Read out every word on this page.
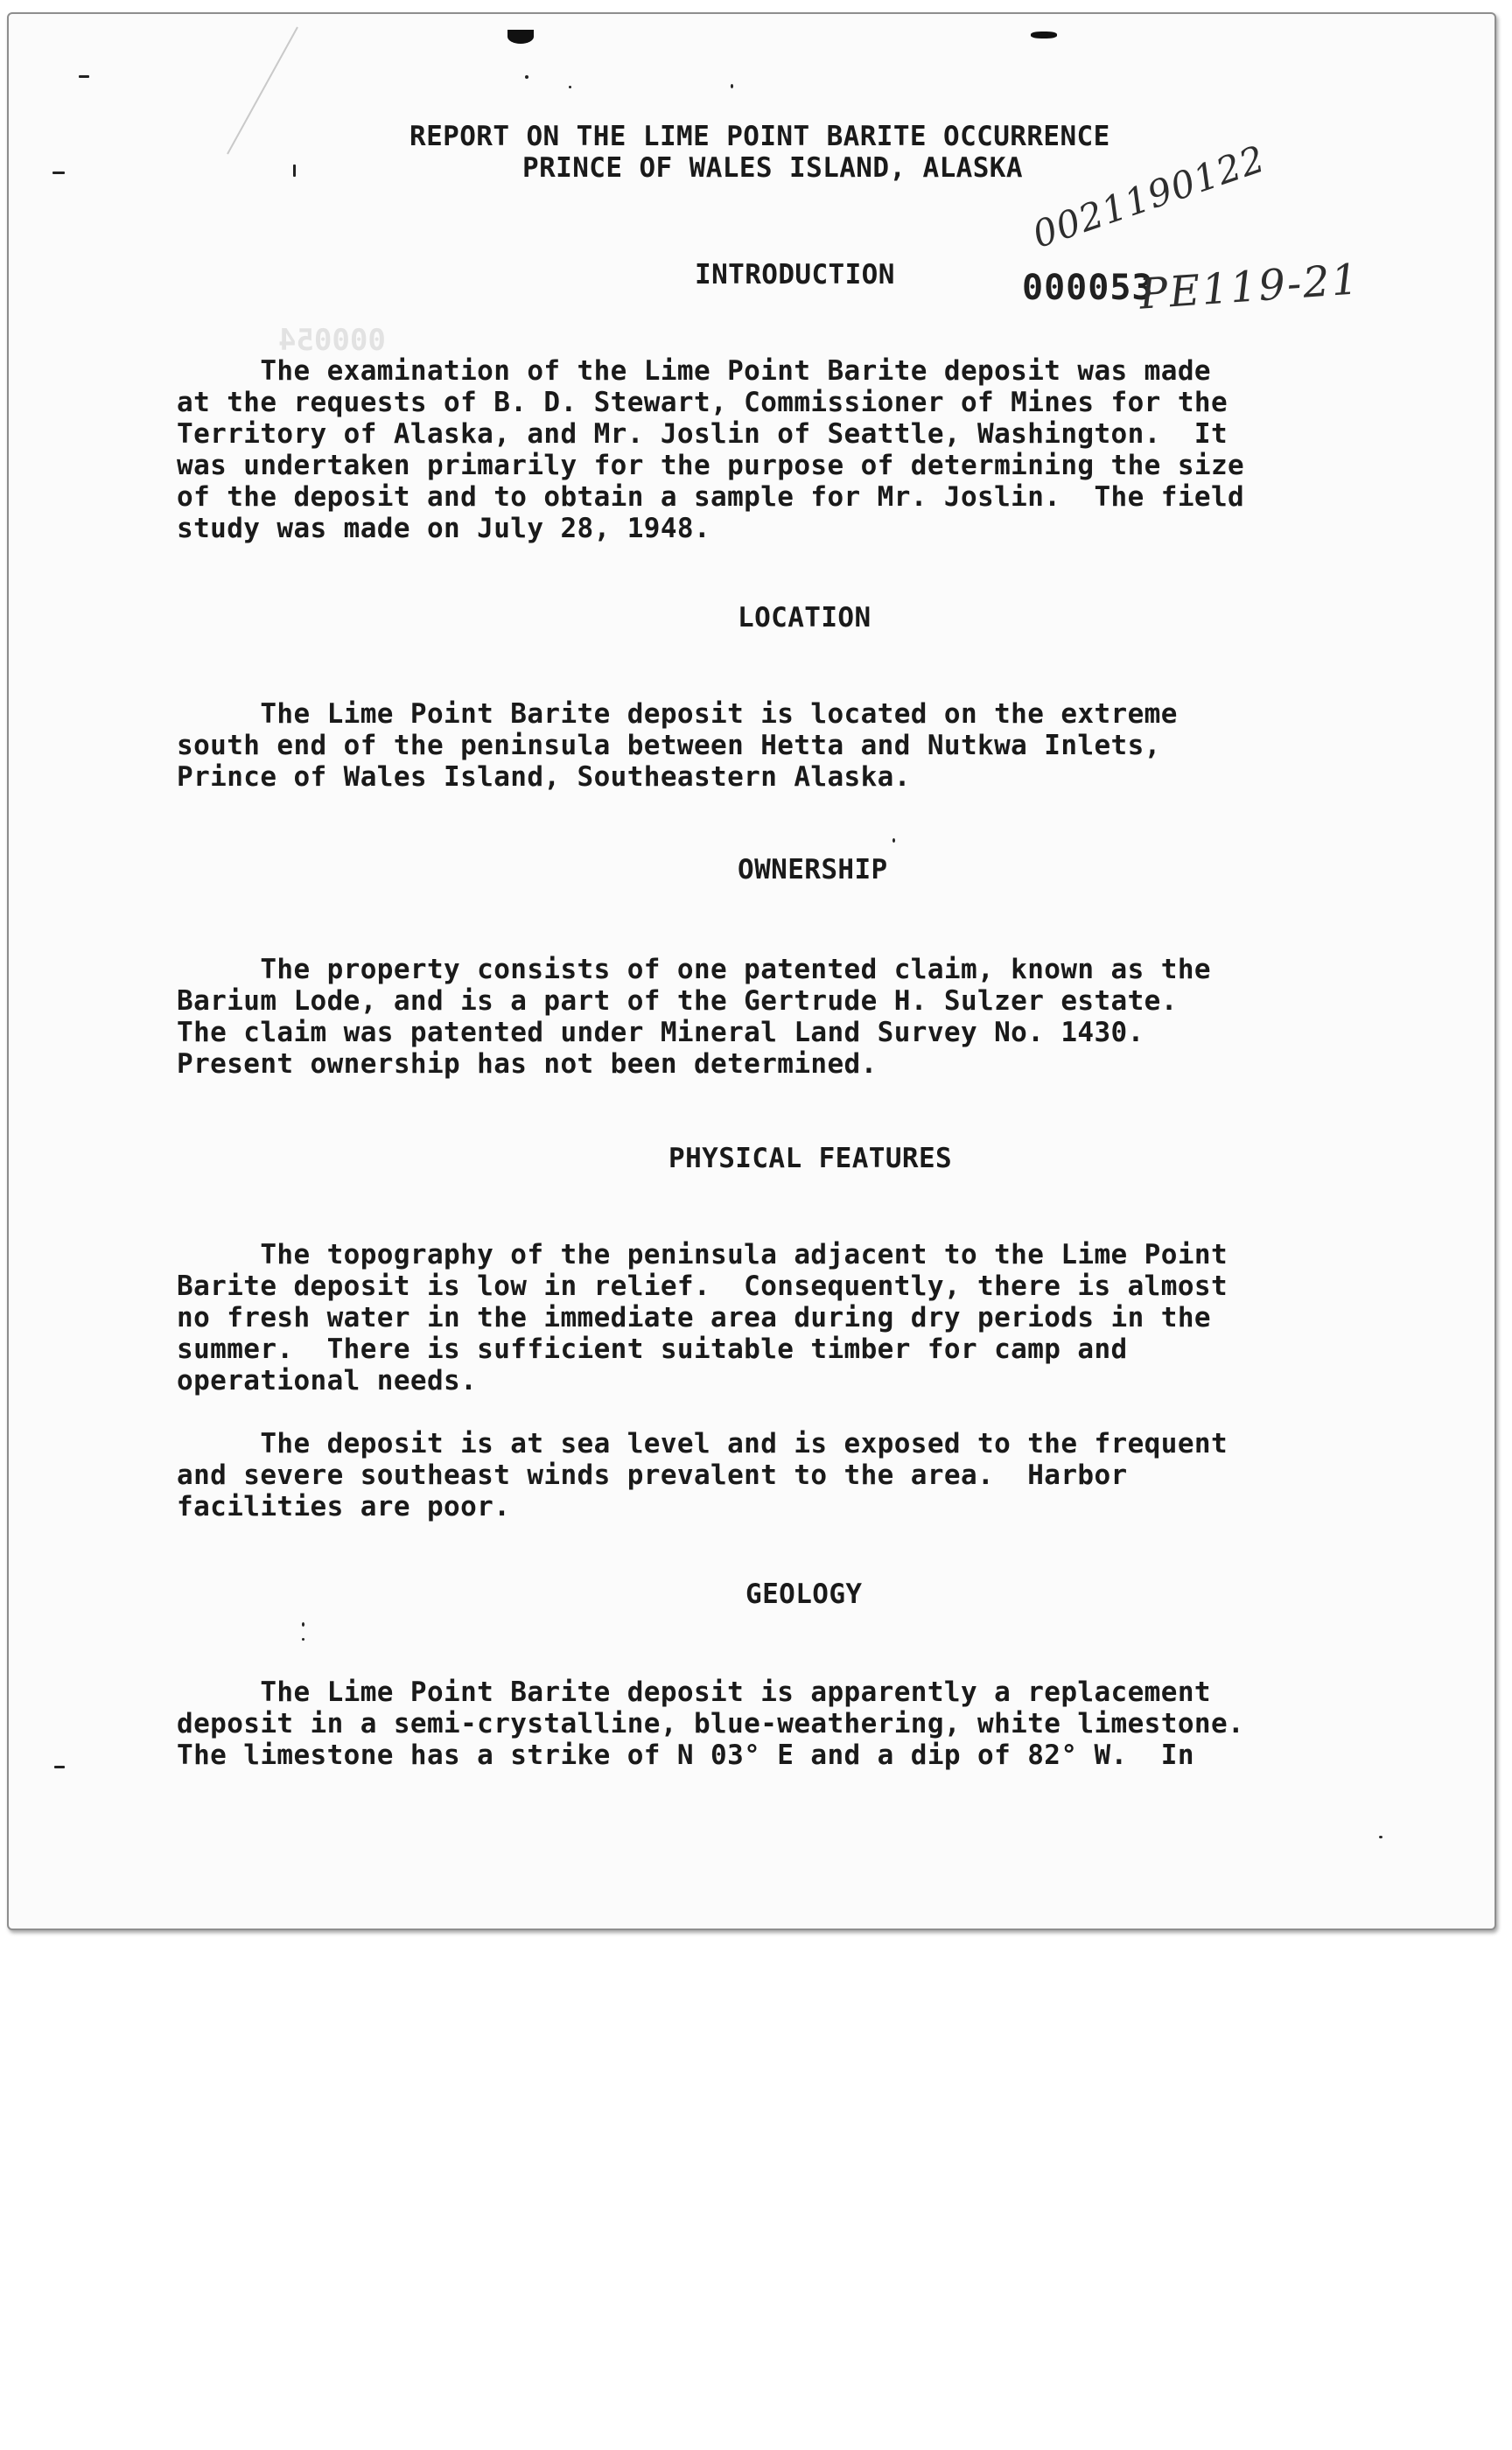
REPORT ON THE LIME POINT BARITE OCCURRENCE

PRINCE OF WALES ISLAND, ALASKA 0021190122

000053

PE119-21

000054

INTRODUCTION

The examination of the Lime Point Barite deposit was made

at the requests of B. D. Stewart, Commissioner of Mines for the

Territory of Alaska, and Mr. Joslin of Seattle, Washington.  It

was undertaken primarily for the purpose of determining the size

of the deposit and to obtain a sample for Mr. Joslin.  The field

study was made on July 28, 1948.

LOCATION

The Lime Point Barite deposit is located on the extreme

south end of the peninsula between Hetta and Nutkwa Inlets,

Prince of Wales Island, Southeastern Alaska.

OWNERSHIP

The property consists of one patented claim, known as the

Barium Lode, and is a part of the Gertrude H. Sulzer estate.

The claim was patented under Mineral Land Survey No. 1430.

Present ownership has not been determined.

PHYSICAL FEATURES

The topography of the peninsula adjacent to the Lime Point

Barite deposit is low in relief.  Consequently, there is almost

no fresh water in the immediate area during dry periods in the

summer.  There is sufficient suitable timber for camp and

operational needs.

The deposit is at sea level and is exposed to the frequent

and severe southeast winds prevalent to the area.  Harbor

facilities are poor.

GEOLOGY

The Lime Point Barite deposit is apparently a replacement

deposit in a semi-crystalline, blue-weathering, white limestone.

The limestone has a strike of N 03° E and a dip of 82° W.  In
